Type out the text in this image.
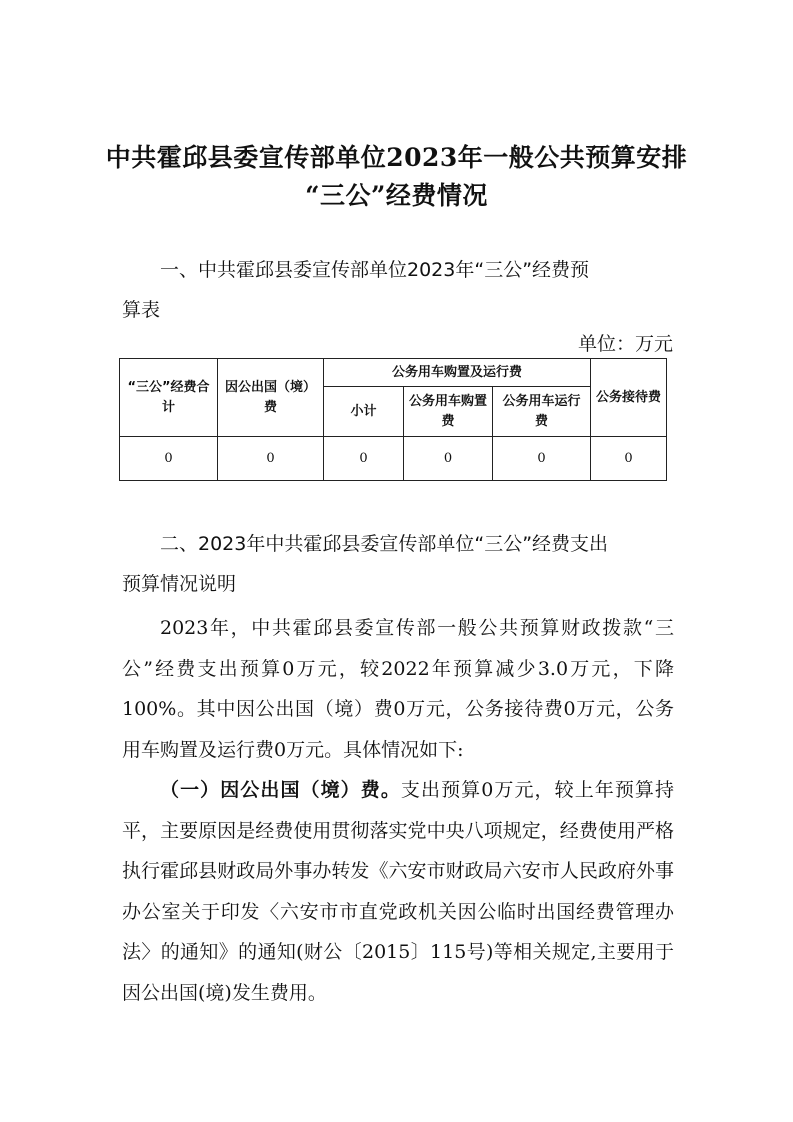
中共霍邱县委宣传部单位2023年一般公共预算安排
“三公”经费情况
一、中共霍邱县委宣传部单位2023年“三公”经费预
算表
单位：万元
“三公”经费合计	因公出国（境）费	公务用车购置及运行费			公务接待费
		小计	公务用车购置费	公务用车运行费	
0	0	0	0	0	0
二、2023年中共霍邱县委宣传部单位“三公”经费支出
预算情况说明
2023年，中共霍邱县委宣传部一般公共预算财政拨款“三公”经费支出预算0万元，较2022年预算减少3.0万元，下降100%。其中因公出国（境）费0万元，公务接待费0万元，公务用车购置及运行费0万元。具体情况如下:
（一）因公出国（境）费。支出预算0万元，较上年预算持平，主要原因是经费使用贯彻落实党中央八项规定，经费使用严格执行霍邱县财政局外事办转发《六安市财政局六安市人民政府外事办公室关于印发〈六安市市直党政机关因公临时出国经费管理办法〉的通知》的通知(财公〔2015〕115号)等相关规定,主要用于因公出国(境)发生费用。
